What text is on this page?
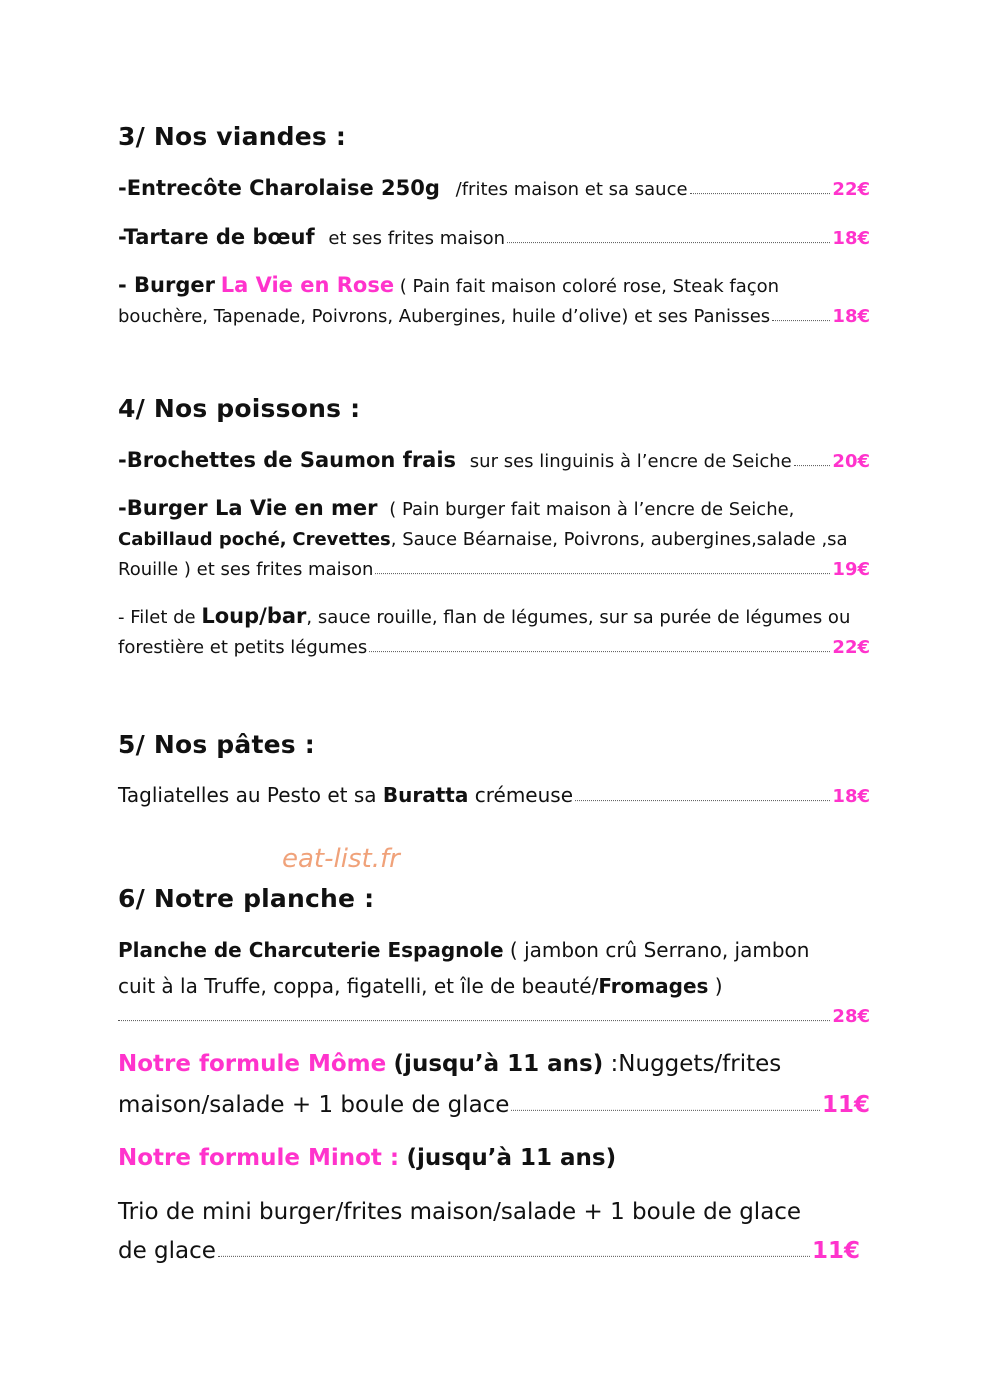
3/ Nos viandes :
-Entrecôte Charolaise 250g /frites maison et sa sauce	22€
-Tartare de bœuf et ses frites maison	18€
- Burger La Vie en Rose ( Pain fait maison coloré rose, Steak façon
bouchère, Tapenade, Poivrons, Aubergines, huile d’olive) et ses Panisses	18€
4/ Nos poissons :
-Brochettes de Saumon frais sur ses linguinis à l’encre de Seiche 20€
-Burger La Vie en mer ( Pain burger fait maison à l’encre de Seiche,
Cabillaud poché, Crevettes, Sauce Béarnaise, Poivrons, aubergines,salade ,sa
Rouille ) et ses frites maison	19€
- Filet de Loup/bar, sauce rouille, flan de légumes, sur sa purée de légumes ou
forestière et petits légumes	22€
5/ Nos pâtes :
Tagliatelles au Pesto et sa Buratta crémeuse	18€
6/ Notre planche :
Planche de Charcuterie Espagnole ( jambon crû Serrano, jambon
cuit à la Truffe, coppa, figatelli, et île de beauté/Fromages )
28€
Notre formule Môme (jusqu’à 11 ans) :Nuggets/frites
maison/salade + 1 boule de glace	11€
Notre formule Minot : (jusqu’à 11 ans)
Trio de mini burger/frites maison/salade + 1 boule de glace
de glace	11€
eat-list.fr
